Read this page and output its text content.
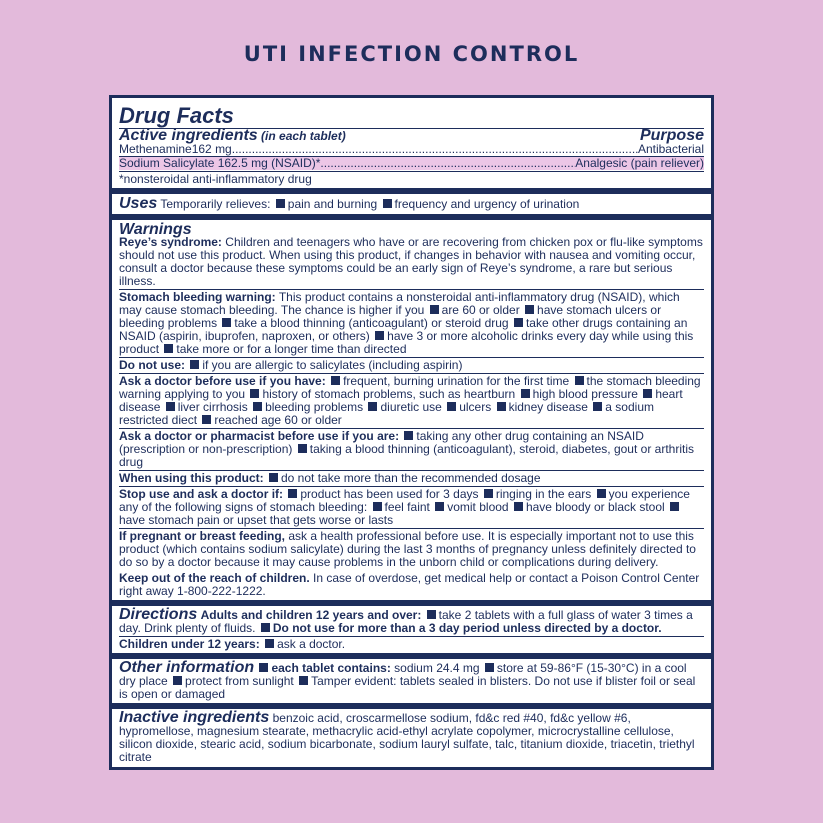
UTI INFECTION CONTROL
Drug Facts
Active ingredients (in each tablet)	Purpose
Methenamine162 mg .....	Antibacterial
Sodium Salicylate 162.5 mg (NSAID)* .....	Analgesic (pain reliever)

*nonsteroidal anti-inflammatory drug

Uses Temporarily relieves: pain and burning frequency and urgency of urination
Warnings

Reye’s syndrome: Children and teenagers who have or are recovering from chicken pox or flu-like symptoms should not use this product. When using this product, if changes in behavior with nausea and vomiting occur, consult a doctor because these symptoms could be an early sign of Reye’s syndrome, a rare but serious illness.

Stomach bleeding warning: This product contains a nonsteroidal anti-inflammatory drug (NSAID), which may cause stomach bleeding. The chance is higher if you are 60 or older have stomach ulcers or bleeding problems take a blood thinning (anticoagulant) or steroid drug take other drugs containing an NSAID (aspirin, ibuprofen, naproxen, or others) have 3 or more alcoholic drinks every day while using this product take more or for a longer time than directed

Do not use: if you are allergic to salicylates (including aspirin)

Ask a doctor before use if you have: frequent, burning urination for the first time the stomach bleeding warning applying to you history of stomach problems, such as heartburn high blood pressure heart disease liver cirrhosis bleeding problems diuretic use ulcers kidney disease a sodium restricted diect reached age 60 or older

Ask a doctor or pharmacist before use if you are: taking any other drug containing an NSAID (prescription or non-prescription) taking a blood thinning (anticoagulant), steroid, diabetes, gout or arthritis drug

When using this product: do not take more than the recommended dosage

Stop use and ask a doctor if: product has been used for 3 days ringing in the ears you experience any of the following signs of stomach bleeding: feel faint vomit blood have bloody or black stool have stomach pain or upset that gets worse or lasts

If pregnant or breast feeding, ask a health professional before use. It is especially important not to use this product (which contains sodium salicylate) during the last 3 months of pregnancy unless definitely directed to do so by a doctor because it may cause problems in the unborn child or complications during delivery.

Keep out of the reach of children. In case of overdose, get medical help or contact a Poison Control Center right away 1-800-222-1222.

Directions Adults and children 12 years and over: take 2 tablets with a full glass of water 3 times a day. Drink plenty of fluids. Do not use for more than a 3 day period unless directed by a doctor.

Children under 12 years: ask a doctor.

Other information each tablet contains: sodium 24.4 mg store at 59-86°F (15-30°C) in a cool dry place protect from sunlight Tamper evident: tablets sealed in blisters. Do not use if blister foil or seal is open or damaged

Inactive ingredients benzoic acid, croscarmellose sodium, fd&c red #40, fd&c yellow #6, hypromellose, magnesium stearate, methacrylic acid-ethyl acrylate copolymer, microcrystalline cellulose, silicon dioxide, stearic acid, sodium bicarbonate, sodium lauryl sulfate, talc, titanium dioxide, triacetin, triethyl citrate
